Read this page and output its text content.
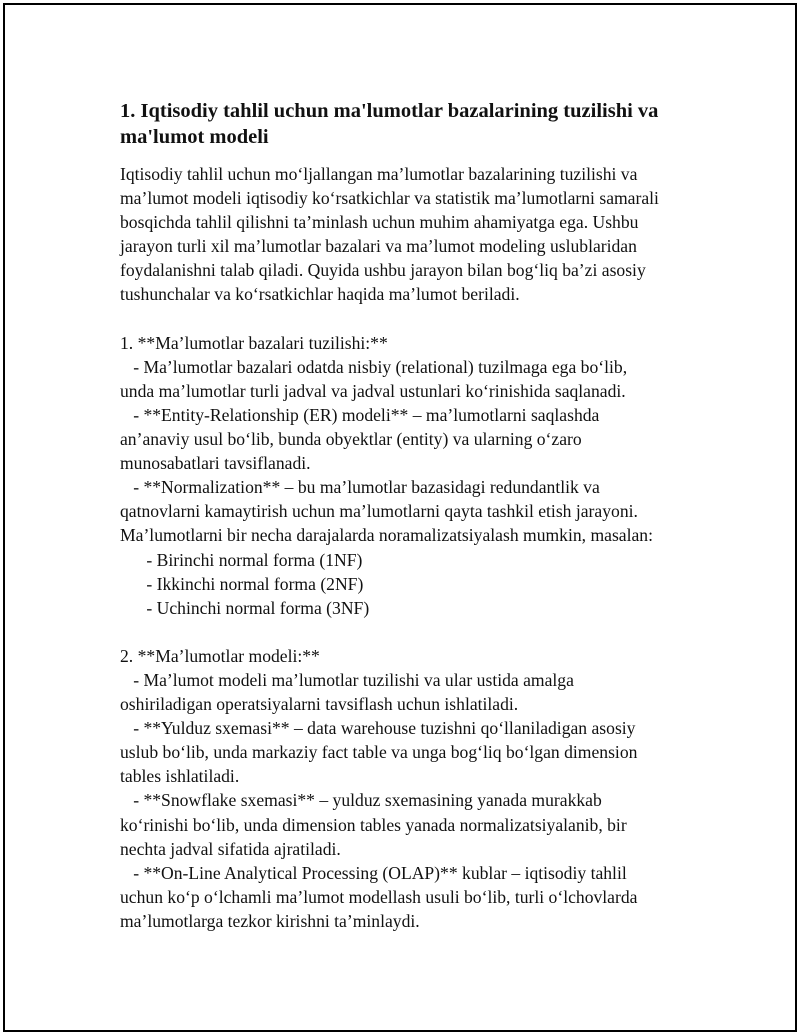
1. Iqtisodiy tahlil uchun ma'lumotlar bazalarining tuzilishi va
ma'lumot modeli
Iqtisodiy tahlil uchun moʻljallangan maʼlumotlar bazalarining tuzilishi va
maʼlumot modeli iqtisodiy koʻrsatkichlar va statistik maʼlumotlarni samarali
bosqichda tahlil qilishni taʼminlash uchun muhim ahamiyatga ega. Ushbu
jarayon turli xil maʼlumotlar bazalari va maʼlumot modeling uslublaridan
foydalanishni talab qiladi. Quyida ushbu jarayon bilan bogʻliq baʼzi asosiy
tushunchalar va koʻrsatkichlar haqida maʼlumot beriladi.
1. **Maʼlumotlar bazalari tuzilishi:**
- Maʼlumotlar bazalari odatda nisbiy (relational) tuzilmaga ega boʻlib,
unda maʼlumotlar turli jadval va jadval ustunlari koʻrinishida saqlanadi.
- **Entity-Relationship (ER) modeli** – maʼlumotlarni saqlashda
anʼanaviy usul boʻlib, bunda obyektlar (entity) va ularning oʻzaro
munosabatlari tavsiflanadi.
- **Normalization** – bu maʼlumotlar bazasidagi redundantlik va
qatnovlarni kamaytirish uchun maʼlumotlarni qayta tashkil etish jarayoni.
Maʼlumotlarni bir necha darajalarda noramalizatsiyalash mumkin, masalan:
- Birinchi normal forma (1NF)
- Ikkinchi normal forma (2NF)
- Uchinchi normal forma (3NF)
2. **Maʼlumotlar modeli:**
- Maʼlumot modeli maʼlumotlar tuzilishi va ular ustida amalga
oshiriladigan operatsiyalarni tavsiflash uchun ishlatiladi.
- **Yulduz sxemasi** – data warehouse tuzishni qoʻllaniladigan asosiy
uslub boʻlib, unda markaziy fact table va unga bogʻliq boʻlgan dimension
tables ishlatiladi.
- **Snowflake sxemasi** – yulduz sxemasining yanada murakkab
koʻrinishi boʻlib, unda dimension tables yanada normalizatsiyalanib, bir
nechta jadval sifatida ajratiladi.
- **On-Line Analytical Processing (OLAP)** kublar – iqtisodiy tahlil
uchun koʻp oʻlchamli maʼlumot modellash usuli boʻlib, turli oʻlchovlarda
maʼlumotlarga tezkor kirishni taʼminlaydi.
